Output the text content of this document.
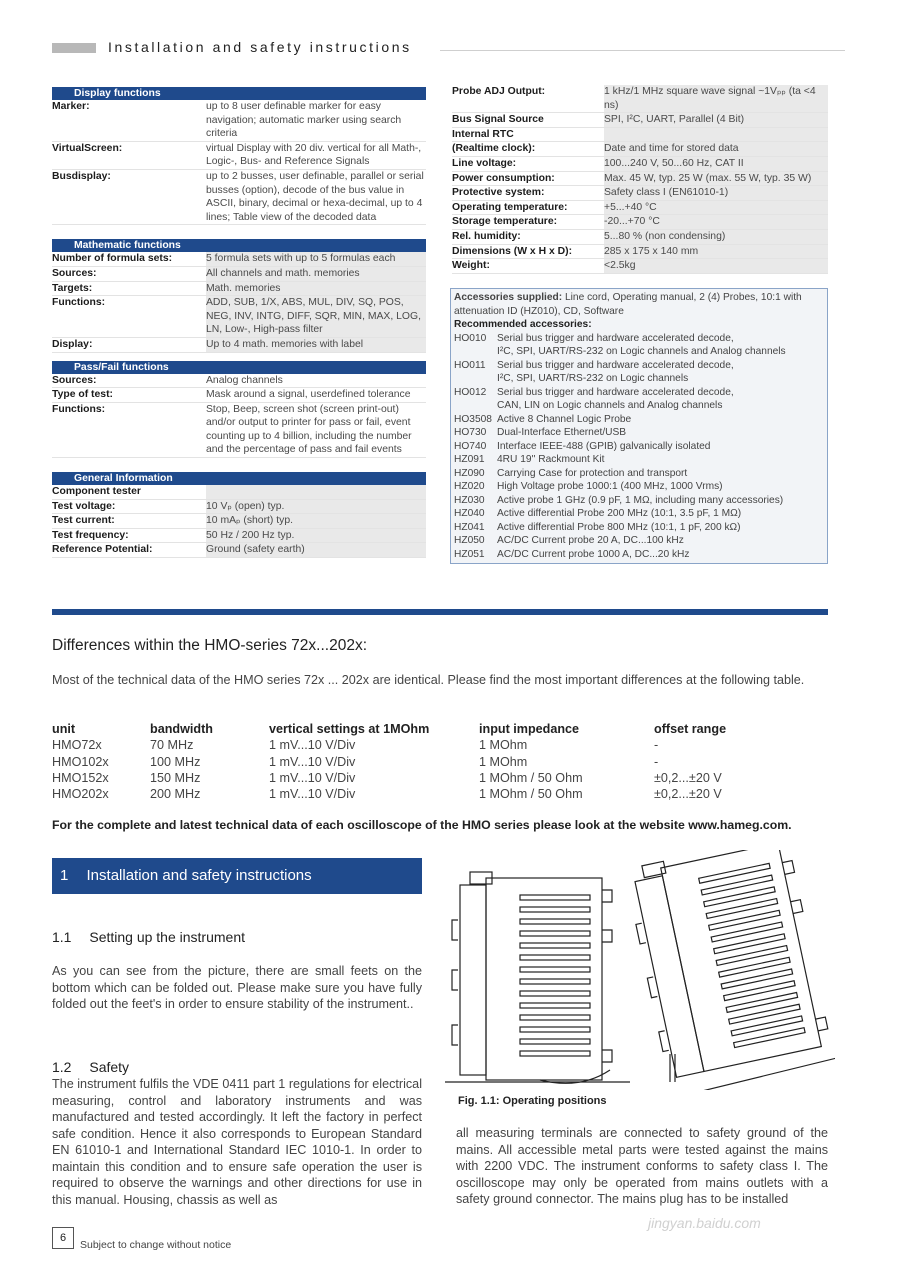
Installation and safety instructions
Display functions
Marker:	up to 8 user definable marker for easy navigation; automatic marker using search criteria
VirtualScreen:	virtual Display with 20 div. vertical for all Math-, Logic-, Bus- and Reference Signals
Busdisplay:	up to 2 busses, user definable, parallel or serial busses (option), decode of the bus value in ASCII, binary, decimal or hexa-decimal, up to 4 lines; Table view of the decoded data
Mathematic functions
Number of formula sets:	5 formula sets with up to 5 formulas each
Sources:	All channels and math. memories
Targets:	Math. memories
Functions:	ADD, SUB, 1/X, ABS, MUL, DIV, SQ, POS, NEG, INV, INTG, DIFF, SQR, MIN, MAX, LOG, LN, Low-, High-pass filter
Display:	Up to 4 math. memories with label
Pass/Fail functions
Sources:	Analog channels
Type of test:	Mask around a signal, userdefined tolerance
Functions:	Stop, Beep, screen shot (screen print-out) and/or output to printer for pass or fail, event counting up to 4 billion, including the number and the percentage of pass and fail events
General Information
Component tester
Test voltage:	10 Vₚ (open) typ.
Test current:	10 mAₚ (short) typ.
Test frequency:	50 Hz / 200 Hz typ.
Reference Potential:	Ground (safety earth)
Probe ADJ Output:	1 kHz/1 MHz square wave signal ~1Vₚₚ (ta <4 ns)
Bus Signal Source	SPI, I²C, UART, Parallel (4 Bit)
Internal RTC
(Realtime clock):	Date and time for stored data
Line voltage:	100...240 V, 50...60 Hz, CAT II
Power consumption:	Max. 45 W, typ. 25 W (max. 55 W, typ. 35 W)
Protective system:	Safety class I (EN61010-1)
Operating temperature:	+5...+40 °C
Storage temperature:	-20...+70 °C
Rel. humidity:	5...80 % (non condensing)
Dimensions (W x H x D):	285 x 175 x 140 mm
Weight:	<2.5kg
Accessories supplied: Line cord, Operating manual, 2 (4) Probes, 10:1 with attenuation ID (HZ010), CD, Software
Recommended accessories:
HO010	Serial bus trigger and hardware accelerated decode,
I²C, SPI, UART/RS-232 on Logic channels and Analog channels
HO011	Serial bus trigger and hardware accelerated decode,
I²C, SPI, UART/RS-232 on Logic channels
HO012	Serial bus trigger and hardware accelerated decode,
CAN, LIN on Logic channels and Analog channels
HO3508 Active 8 Channel Logic Probe
HO730	Dual-Interface Ethernet/USB
HO740	Interface IEEE-488 (GPIB) galvanically isolated
HZ091	4RU 19'' Rackmount Kit
HZ090	Carrying Case for protection and transport
HZ020	High Voltage probe 1000:1 (400 MHz, 1000 Vrms)
HZ030	Active probe 1 GHz (0.9 pF, 1 MΩ, including many accessories)
HZ040	Active differential Probe 200 MHz (10:1, 3.5 pF, 1 MΩ)
HZ041	Active differential Probe 800 MHz (10:1, 1 pF, 200 kΩ)
HZ050	AC/DC Current probe 20 A, DC...100 kHz
HZ051	AC/DC Current probe 1000 A, DC...20 kHz
Differences within the HMO-series 72x...202x:
Most of the technical data of the HMO series 72x ... 202x are identical. Please find the most important differences at the following table.
unit	bandwidth	vertical settings at 1MOhm	input impedance	offset range
HMO72x	70 MHz	1 mV...10 V/Div	1 MOhm	-
HMO102x	100 MHz	1 mV...10 V/Div	1 MOhm	-
HMO152x	150 MHz	1 mV...10 V/Div	1 MOhm / 50 Ohm	±0,2...±20 V
HMO202x	200 MHz	1 mV...10 V/Div	1 MOhm / 50 Ohm	±0,2...±20 V
For the complete and latest technical data of each oscilloscope of the HMO series please look at the website www.hameg.com.
1 Installation and safety instructions
1.1 Setting up the instrument
As you can see from the picture, there are small feets on the bottom which can be folded out. Please make sure you have fully folded out the feet's in order to ensure stability of the instrument..
1.2 Safety
The instrument fulfils the VDE 0411 part 1 regulations for electrical measuring, control and laboratory instruments and was manufactured and tested accordingly. It left the factory in perfect safe condition. Hence it also corresponds to European Standard EN 61010-1 and International Standard IEC 1010-1. In order to maintain this condition and to ensure safe operation the user is required to observe the warnings and other directions for use in this manual. Housing, chassis as well as
all measuring terminals are connected to safety ground of the mains. All accessible metal parts were tested against the mains with 2200 VDC. The instrument conforms to safety class I. The oscilloscope may only be operated from mains outlets with a safety ground connector. The mains plug has to be installed
Fig. 1.1: Operating positions
6
Subject to change without notice
jingyan.baidu.com
